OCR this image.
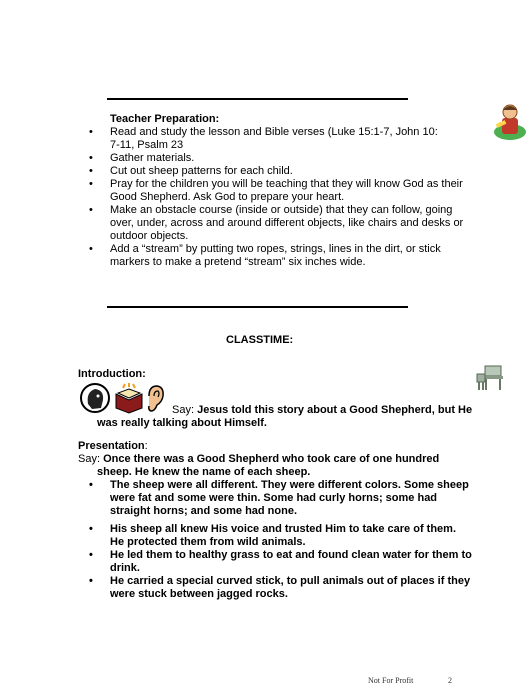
Teacher Preparation:
• Read and study the lesson and Bible verses (Luke 15:1-7, John 10:
7-11, Psalm 23
• Gather materials.
• Cut out sheep patterns for each child.
• Pray for the children you will be teaching that they will know God as their
Good Shepherd. Ask God to prepare your heart.
• Make an obstacle course (inside or outside) that they can follow, going
over, under, across and around different objects, like chairs and desks or
outdoor objects.
• Add a “stream” by putting two ropes, strings, lines in the dirt, or stick
markers to make a pretend “stream” six inches wide.
CLASSTIME:
Introduction:
Say: Jesus told this story about a Good Shepherd, but He
was really talking about Himself.
Presentation:
Say: Once there was a Good Shepherd who took care of one hundred
sheep. He knew the name of each sheep.
• The sheep were all different. They were different colors. Some sheep
were fat and some were thin. Some had curly horns; some had
straight horns; and some had none.
• His sheep all knew His voice and trusted Him to take care of them.
He protected them from wild animals.
• He led them to healthy grass to eat and found clean water for them to
drink.
• He carried a special curved stick, to pull animals out of places if they
were stuck between jagged rocks.
Not For Profit	2
